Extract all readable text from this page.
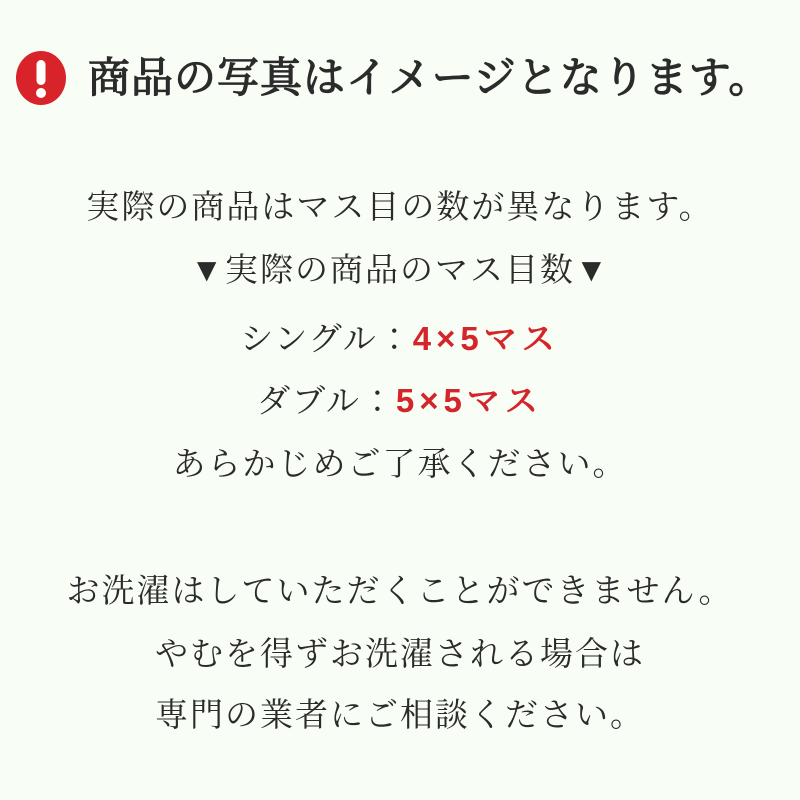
商品の写真はイメージとなります。
実際の商品はマス目の数が異なります。
▼実際の商品のマス目数▼
シングル：4×5マス
ダブル：5×5マス
あらかじめご了承ください。
お洗濯はしていただくことができません。
やむを得ずお洗濯される場合は
専門の業者にご相談ください。
